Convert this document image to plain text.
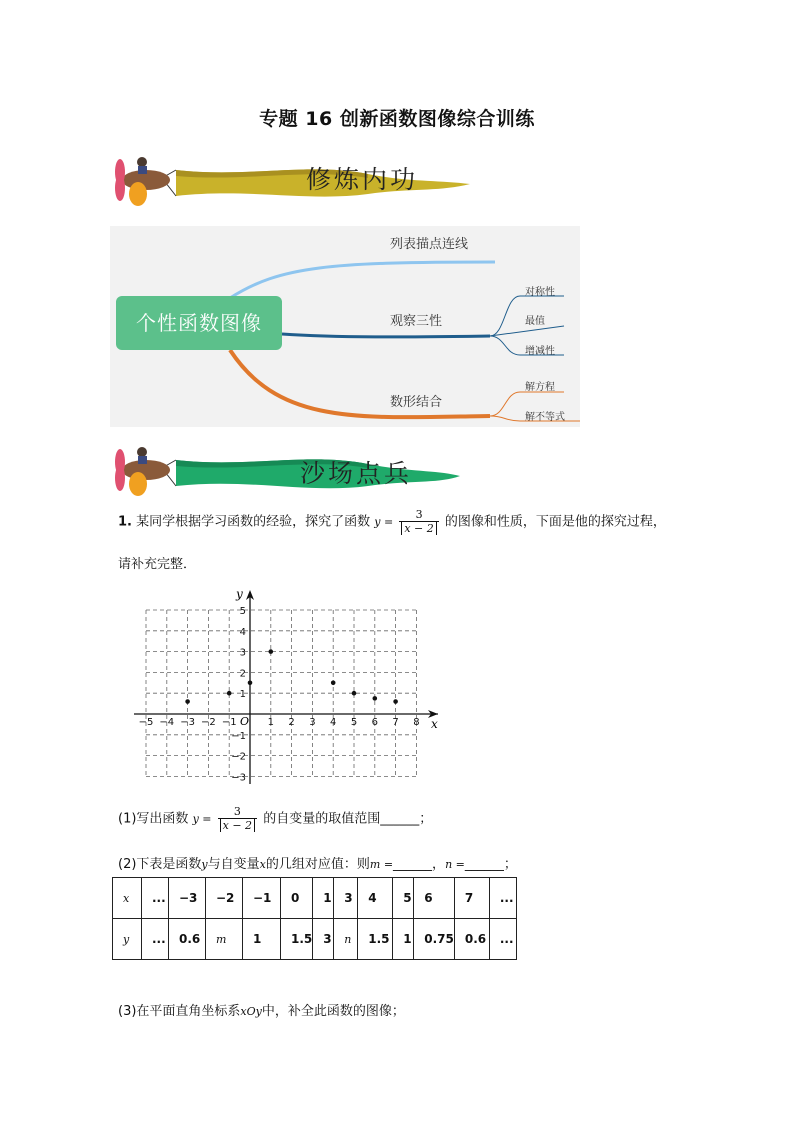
专题 16 创新函数图像综合训练
修炼内功
个性函数图像
列表描点连线
观察三性
数形结合
对称性
最值
增减性
解方程
解不等式
沙场点兵
1. 某同学根据学习函数的经验，探究了函数 $y = \frac{3}{x - 2}$ 的图像和性质，下面是他的探究过程，
请补充完整．
−5 −4 −3 −2 −1	1 2 3 4 5 6 7 8
5
4
3
2
1
−1
−2
−3
x
y
O
(1)写出函数 $y = \frac{3}{x - 2}$ 的自变量的取值范围______；
(2)下表是函数y与自变量x的几组对应值：则m =______，n =______；
x	...	−3	−2	−1	0	1	3	4	5	6	7	...
y	...	0.6	m	1	1.5	3	n	1.5	1	0.75	0.6	...
(3)在平面直角坐标系xOy中，补全此函数的图像；
